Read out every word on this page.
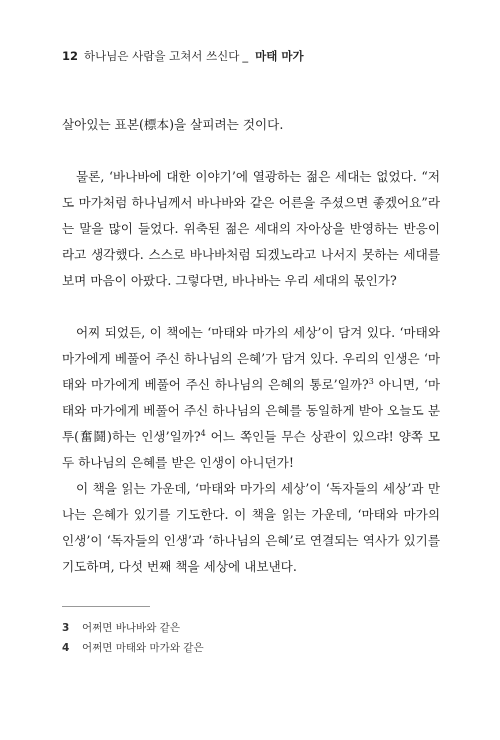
12 하나님은 사람을 고쳐서 쓰신다 _ 마태 마가

살아있는 표본(標本)을 살피려는 것이다.

물론, ‘바나바에 대한 이야기’에 열광하는 젊은 세대는 없었다. “저도 마가처럼 하나님께서 바나바와 같은 어른을 주셨으면 좋겠어요”라는 말을 많이 들었다. 위축된 젊은 세대의 자아상을 반영하는 반응이라고 생각했다. 스스로 바나바처럼 되겠노라고 나서지 못하는 세대를 보며 마음이 아팠다. 그렇다면, 바나바는 우리 세대의 몫인가?

어찌 되었든, 이 책에는 ‘마태와 마가의 세상’이 담겨 있다. ‘마태와 마가에게 베풀어 주신 하나님의 은혜’가 담겨 있다. 우리의 인생은 ‘마태와 마가에게 베풀어 주신 하나님의 은혜의 통로’일까?$^3$ 아니면, ‘마태와 마가에게 베풀어 주신 하나님의 은혜를 동일하게 받아 오늘도 분투(奮鬪)하는 인생’일까?$^4$ 어느 쪽인들 무슨 상관이 있으랴! 양쪽 모두 하나님의 은혜를 받은 인생이 아니던가!

이 책을 읽는 가운데, ‘마태와 마가의 세상’이 ‘독자들의 세상’과 만나는 은혜가 있기를 기도한다. 이 책을 읽는 가운데, ‘마태와 마가의 인생’이 ‘독자들의 인생’과 ‘하나님의 은혜’로 연결되는 역사가 있기를 기도하며, 다섯 번째 책을 세상에 내보낸다.

3	어쩌면 바나바와 같은
4	어쩌면 마태와 마가와 같은
